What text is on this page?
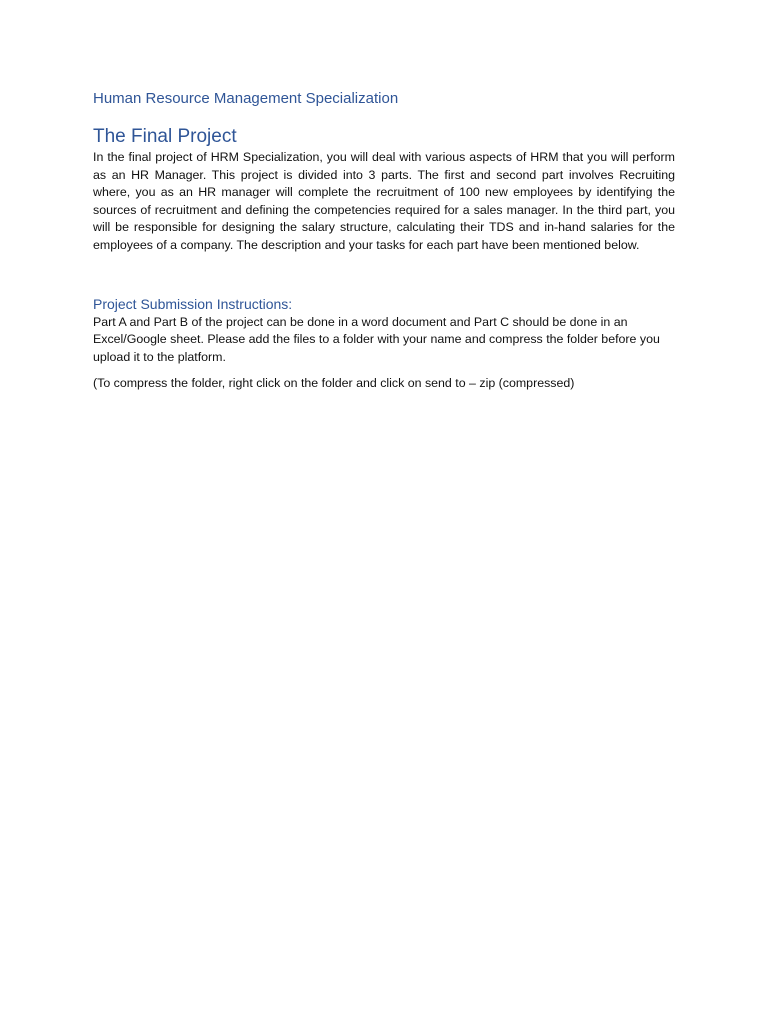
Human Resource Management Specialization
The Final Project

In the final project of HRM Specialization, you will deal with various aspects of HRM that you will perform as an HR Manager. This project is divided into 3 parts. The first and second part involves Recruiting where, you as an HR manager will complete the recruitment of 100 new employees by identifying the sources of recruitment and defining the competencies required for a sales manager. In the third part, you will be responsible for designing the salary structure, calculating their TDS and in-hand salaries for the employees of a company. The description and your tasks for each part have been mentioned below.

Project Submission Instructions:

Part A and Part B of the project can be done in a word document and Part C should be done in an Excel/Google sheet. Please add the files to a folder with your name and compress the folder before you upload it to the platform.

(To compress the folder, right click on the folder and click on send to – zip (compressed)
